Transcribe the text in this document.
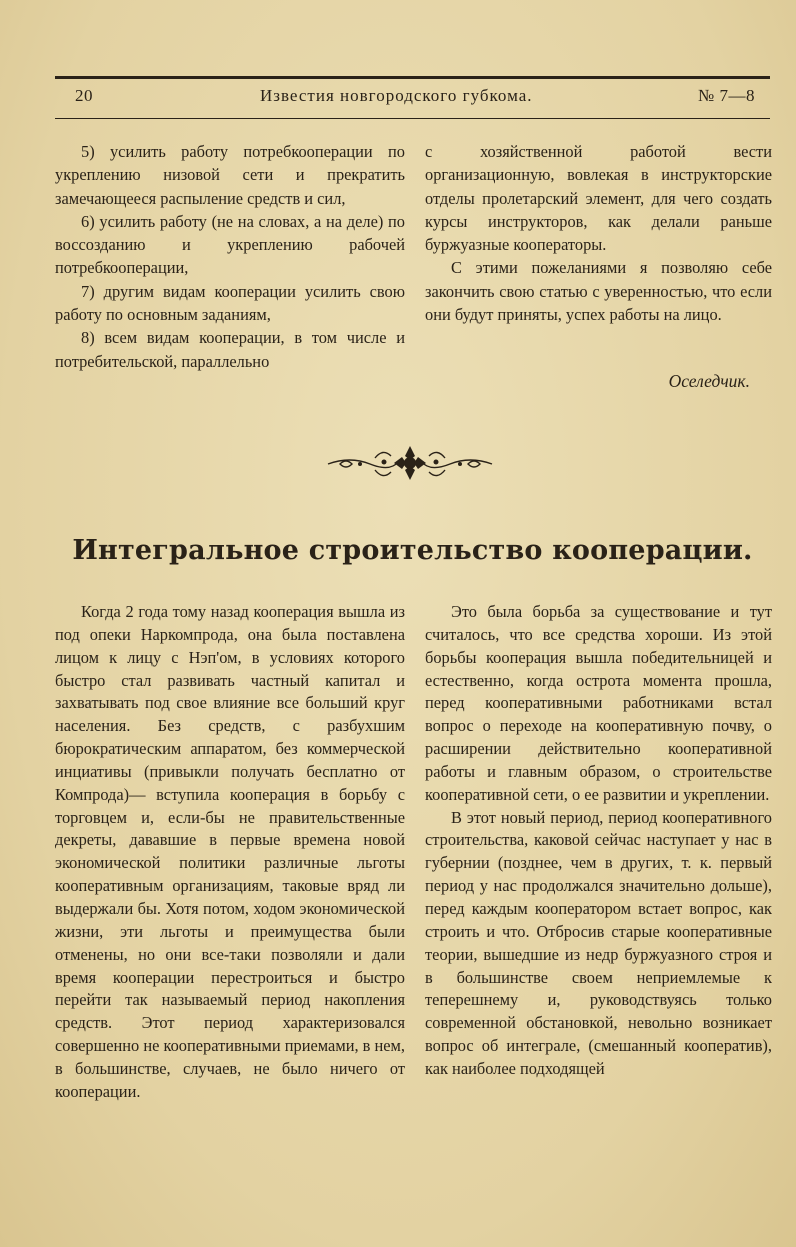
20	Известия новгородского губкома.	№ 7—8

5) усилить работу потребкооперации по укреплению низовой сети и прекратить замечающееся распыление средств и сил,

6) усилить работу (не на словах, а на деле) по воссозданию и укреплению рабочей потребкооперации,

7) другим видам кооперации усилить свою работу по основным заданиям,

8) всем видам кооперации, в том числе и потребительской, параллельно

с хозяйственной работой вести организационную, вовлекая в инструкторские отделы пролетарский элемент, для чего создать курсы инструкторов, как делали раньше буржуазные кооператоры.

С этими пожеланиями я позволяю себе закончить свою статью с уверенностью, что если они будут приняты, успех работы на лицо.

Оселедчик.
Интегральное строительство кооперации.

Когда 2 года тому назад кооперация вышла из под опеки Наркомпрода, она была поставлена лицом к лицу с Нэп'ом, в условиях которого быстро стал развивать частный капитал и захватывать под свое влияние все больший круг населения. Без средств, с разбухшим бюрократическим аппаратом, без коммерческой инциативы (привыкли получать бесплатно от Компрода)— вступила кооперация в борьбу с торговцем и, если-бы не правительственные декреты, дававшие в первые времена новой экономической политики различные льготы кооперативным организациям, таковые вряд ли выдержали бы. Хотя потом, ходом экономической жизни, эти льготы и преимущества были отменены, но они все-таки позволяли и дали время кооперации перестроиться и быстро перейти так называемый период накопления средств. Этот период характеризовался совершенно не кооперативными приемами, в нем, в большинстве, случаев, не было ничего от кооперации.

Это была борьба за существование и тут считалось, что все средства хороши. Из этой борьбы кооперация вышла победительницей и естественно, когда острота момента прошла, перед кооперативными работниками встал вопрос о переходе на кооперативную почву, о расширении действительно кооперативной работы и главным образом, о строительстве кооперативной сети, о ее развитии и укреплении.

В этот новый период, период кооперативного строительства, каковой сейчас наступает у нас в губернии (позднее, чем в других, т. к. первый период у нас продолжался значительно дольше), перед каждым кооператором встает вопрос, как строить и что. Отбросив старые кооперативные теории, вышедшие из недр буржуазного строя и в большинстве своем неприемлемые к теперешнему и, руководствуясь только современной обстановкой, невольно возникает вопрос об интеграле, (смешанный кооператив), как наиболее подходящей
